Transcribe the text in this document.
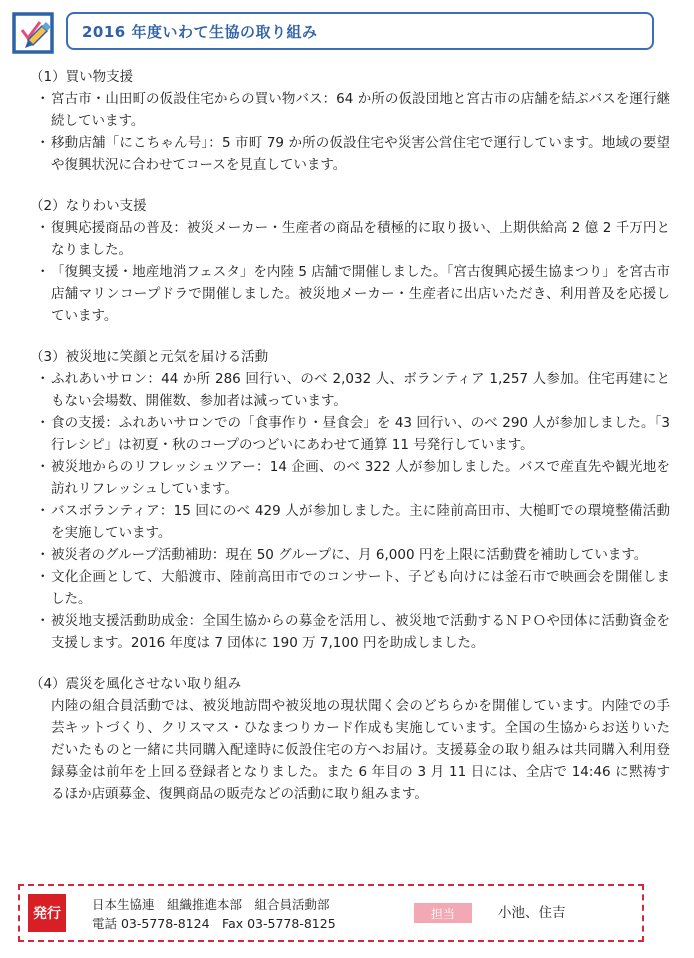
2016 年度いわて生協の取り組み
（1）買い物支援
・ 宮古市・山田町の仮設住宅からの買い物バス：64 か所の仮設団地と宮古市の店舗を結ぶバスを運行継続しています。
・ 移動店舗「にこちゃん号」：5 市町 79 か所の仮設住宅や災害公営住宅で運行しています。地域の要望や復興状況に合わせてコースを見直しています。
（2）なりわい支援
・ 復興応援商品の普及：被災メーカー・生産者の商品を積極的に取り扱い、上期供給高 2 億 2 千万円となりました。
・ 「復興支援・地産地消フェスタ」を内陸 5 店舗で開催しました。「宮古復興応援生協まつり」を宮古市店舗マリンコープドラで開催しました。被災地メーカー・生産者に出店いただき、利用普及を応援しています。
（3）被災地に笑顔と元気を届ける活動
・ ふれあいサロン：44 か所 286 回行い、のべ 2,032 人、ボランティア 1,257 人参加。住宅再建にともない会場数、開催数、参加者は減っています。
・ 食の支援：ふれあいサロンでの「食事作り・昼食会」を 43 回行い、のべ 290 人が参加しました。「3 行レシピ」は初夏・秋のコープのつどいにあわせて通算 11 号発行しています。
・ 被災地からのリフレッシュツアー：14 企画、のべ 322 人が参加しました。バスで産直先や観光地を訪れリフレッシュしています。
・ バスボランティア：15 回にのべ 429 人が参加しました。主に陸前高田市、大槌町での環境整備活動を実施しています。
・ 被災者のグループ活動補助：現在 50 グループに、月 6,000 円を上限に活動費を補助しています。
・ 文化企画として、大船渡市、陸前高田市でのコンサート、子ども向けには釜石市で映画会を開催しました。
・ 被災地支援活動助成金：全国生協からの募金を活用し、被災地で活動するＮＰＯや団体に活動資金を支援します。2016 年度は 7 団体に 190 万 7,100 円を助成しました。
（4）震災を風化させない取り組み
内陸の組合員活動では、被災地訪問や被災地の現状聞く会のどちらかを開催しています。内陸での手芸キットづくり、クリスマス・ひなまつりカード作成も実施しています。全国の生協からお送りいただいたものと一緒に共同購入配達時に仮設住宅の方へお届け。支援募金の取り組みは共同購入利用登録募金は前年を上回る登録者となりました。また 6 年目の 3 月 11 日には、全店で 14:46 に黙祷するほか店頭募金、復興商品の販売などの活動に取り組みます。
発行
日本生協連　組織推進本部　組合員活動部
電話 03-5778-8124　Fax 03-5778-8125
担当	小池、住吉
